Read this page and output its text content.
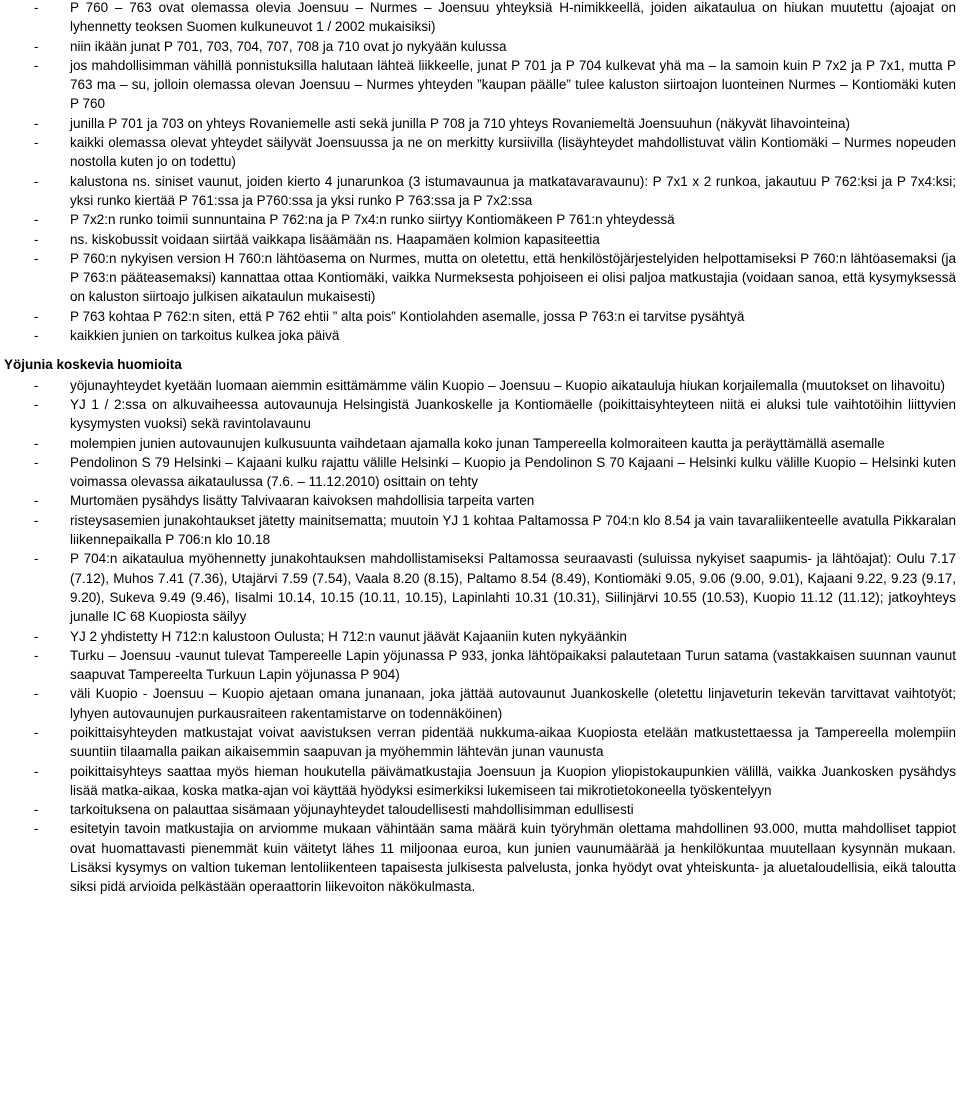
- P 760 – 763 ovat olemassa olevia Joensuu – Nurmes – Joensuu yhteyksiä H-nimikkeellä, joiden aikataulua on hiukan muutettu (ajoajat on lyhennetty teoksen Suomen kulkuneuvot 1 / 2002 mukaisiksi)
- niin ikään junat P 701, 703, 704, 707, 708 ja 710 ovat jo nykyään kulussa
- jos mahdollisimman vähillä ponnistuksilla halutaan lähteä liikkeelle, junat P 701 ja P 704 kulkevat yhä ma – la samoin kuin P 7x2 ja P 7x1, mutta P 763 ma – su, jolloin olemassa olevan Joensuu – Nurmes yhteyden ”kaupan päälle” tulee kaluston siirtoajon luonteinen Nurmes – Kontiomäki kuten P 760
- junilla P 701 ja 703 on yhteys Rovaniemelle asti sekä junilla P 708 ja 710 yhteys Rovaniemeltä Joensuuhun (näkyvät lihavointeina)
- kaikki olemassa olevat yhteydet säilyvät Joensuussa ja ne on merkitty kursiivilla (lisäyhteydet mahdollistuvat välin Kontiomäki – Nurmes nopeuden nostolla kuten jo on todettu)
- kalustona ns. siniset vaunut, joiden kierto 4 junarunkoa (3 istumavaunua ja matkatavaravaunu): P 7x1 x 2 runkoa, jakautuu P 762:ksi ja P 7x4:ksi; yksi runko kiertää P 761:ssa ja P760:ssa ja yksi runko P 763:ssa ja P 7x2:ssa
- P 7x2:n runko toimii sunnuntaina P 762:na ja P 7x4:n runko siirtyy Kontiomäkeen P 761:n yhteydessä
- ns. kiskobussit voidaan siirtää vaikkapa lisäämään ns. Haapamäen kolmion kapasiteettia
- P 760:n nykyisen version H 760:n lähtöasema on Nurmes, mutta on oletettu, että henkilöstöjärjestelyiden helpottamiseksi P 760:n lähtöasemaksi (ja P 763:n pääteasemaksi) kannattaa ottaa Kontiomäki, vaikka Nurmeksesta pohjoiseen ei olisi paljoa matkustajia (voidaan sanoa, että kysymyksessä on kaluston siirtoajo julkisen aikataulun mukaisesti)
- P 763 kohtaa P 762:n siten, että P 762 ehtii ” alta pois” Kontiolahden asemalle, jossa P 763:n ei tarvitse pysähtyä
- kaikkien junien on tarkoitus kulkea joka päivä
Yöjunia koskevia huomioita
- yöjunayhteydet kyetään luomaan aiemmin esittämämme välin Kuopio – Joensuu – Kuopio aikatauluja hiukan korjailemalla (muutokset on lihavoitu)
- YJ 1 / 2:ssa on alkuvaiheessa autovaunuja Helsingistä Juankoskelle ja Kontiomäelle (poikittaisyhteyteen niitä ei aluksi tule vaihtotöihin liittyvien kysymysten vuoksi) sekä ravintolavaunu
- molempien junien autovaunujen kulkusuunta vaihdetaan ajamalla koko junan Tampereella kolmoraiteen kautta ja peräyttämällä asemalle
- Pendolinon S 79 Helsinki – Kajaani kulku rajattu välille Helsinki – Kuopio ja Pendolinon S 70 Kajaani – Helsinki kulku välille Kuopio – Helsinki kuten voimassa olevassa aikataulussa (7.6. – 11.12.2010) osittain on tehty
- Murtomäen pysähdys lisätty Talvivaaran kaivoksen mahdollisia tarpeita varten
- risteysasemien junakohtaukset jätetty mainitsematta; muutoin YJ 1 kohtaa Paltamossa P 704:n klo 8.54 ja vain tavaraliikenteelle avatulla Pikkaralan liikennepaikalla P 706:n klo 10.18
- P 704:n aikataulua myöhennetty junakohtauksen mahdollistamiseksi Paltamossa seuraavasti (suluissa nykyiset saapumis- ja lähtöajat): Oulu 7.17 (7.12), Muhos 7.41 (7.36), Utajärvi 7.59 (7.54), Vaala 8.20 (8.15), Paltamo 8.54 (8.49), Kontiomäki 9.05, 9.06 (9.00, 9.01), Kajaani 9.22, 9.23 (9.17, 9.20), Sukeva 9.49 (9.46), Iisalmi 10.14, 10.15 (10.11, 10.15), Lapinlahti 10.31 (10.31), Siilinjärvi 10.55 (10.53), Kuopio 11.12 (11.12); jatkoyhteys junalle IC 68 Kuopiosta säilyy
- YJ 2 yhdistetty H 712:n kalustoon Oulusta; H 712:n vaunut jäävät Kajaaniin kuten nykyäänkin
- Turku – Joensuu -vaunut tulevat Tampereelle Lapin yöjunassa P 933, jonka lähtöpaikaksi palautetaan Turun satama (vastakkaisen suunnan vaunut saapuvat Tampereelta Turkuun Lapin yöjunassa P 904)
- väli Kuopio - Joensuu – Kuopio ajetaan omana junanaan, joka jättää autovaunut Juankoskelle (oletettu linjaveturin tekevän tarvittavat vaihtotyöt; lyhyen autovaunujen purkausraiteen rakentamistarve on todennäköinen)
- poikittaisyhteyden matkustajat voivat aavistuksen verran pidentää nukkuma-aikaa Kuopiosta etelään matkustettaessa ja Tampereella molempiin suuntiin tilaamalla paikan aikaisemmin saapuvan ja myöhemmin lähtevän junan vaunusta
- poikittaisyhteys saattaa myös hieman houkutella päivämatkustajia Joensuun ja Kuopion yliopistokaupunkien välillä, vaikka Juankosken pysähdys lisää matka-aikaa, koska matka-ajan voi käyttää hyödyksi esimerkiksi lukemiseen tai mikrotietokoneella työskentelyyn
- tarkoituksena on palauttaa sisämaan yöjunayhteydet taloudellisesti mahdollisimman edullisesti
- esitetyin tavoin matkustajia on arviomme mukaan vähintään sama määrä kuin työryhmän olettama mahdollinen 93.000, mutta mahdolliset tappiot ovat huomattavasti pienemmät kuin väitetyt lähes 11 miljoonaa euroa, kun junien vaunumäärää ja henkilökuntaa muutellaan kysynnän mukaan. Lisäksi kysymys on valtion tukeman lentoliikenteen tapaisesta julkisesta palvelusta, jonka hyödyt ovat yhteiskunta- ja aluetaloudellisia, eikä taloutta siksi pidä arvioida pelkästään operaattorin liikevoiton näkökulmasta.
